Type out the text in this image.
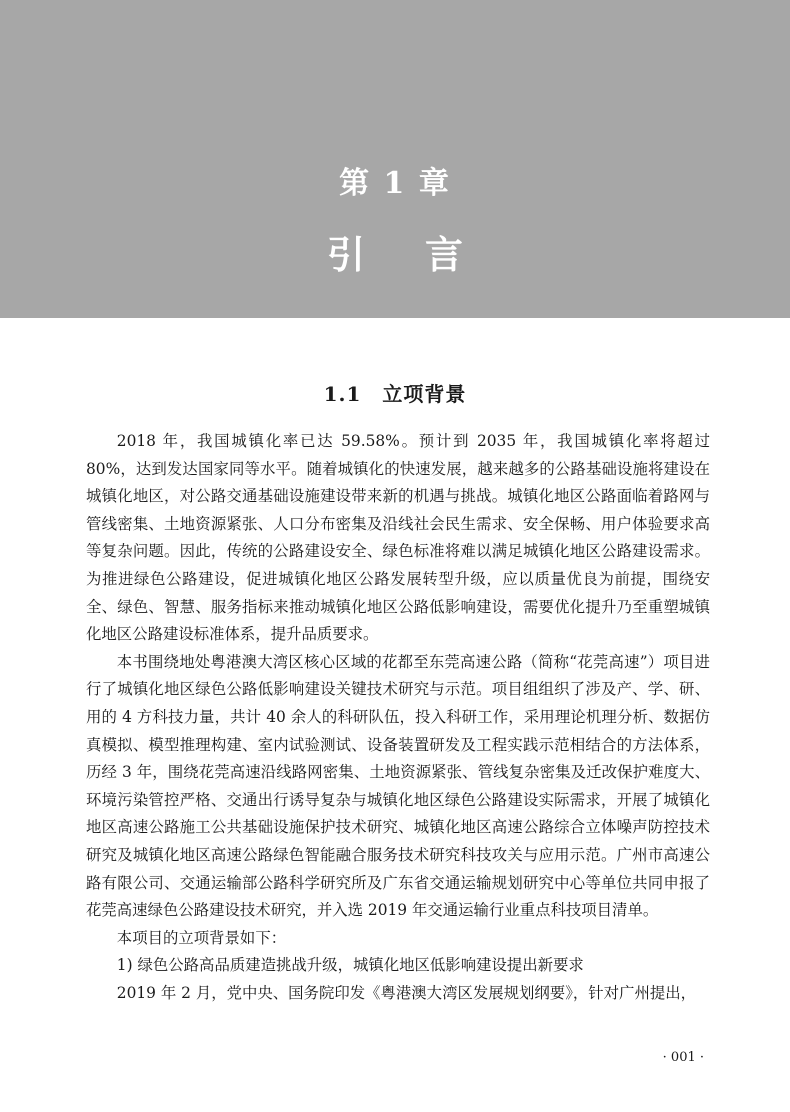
第 1 章
引言
1.1　立项背景

2018 年，我国城镇化率已达 59.58%。预计到 2035 年，我国城镇化率将超过 80%，达到发达国家同等水平。随着城镇化的快速发展，越来越多的公路基础设施将建设在城镇化地区，对公路交通基础设施建设带来新的机遇与挑战。城镇化地区公路面临着路网与管线密集、土地资源紧张、人口分布密集及沿线社会民生需求、安全保畅、用户体验要求高等复杂问题。因此，传统的公路建设安全、绿色标准将难以满足城镇化地区公路建设需求。为推进绿色公路建设，促进城镇化地区公路发展转型升级，应以质量优良为前提，围绕安全、绿色、智慧、服务指标来推动城镇化地区公路低影响建设，需要优化提升乃至重塑城镇化地区公路建设标准体系，提升品质要求。

本书围绕地处粤港澳大湾区核心区域的花都至东莞高速公路（简称“花莞高速”）项目进行了城镇化地区绿色公路低影响建设关键技术研究与示范。项目组组织了涉及产、学、研、用的 4 方科技力量，共计 40 余人的科研队伍，投入科研工作，采用理论机理分析、数据仿真模拟、模型推理构建、室内试验测试、设备装置研发及工程实践示范相结合的方法体系，历经 3 年，围绕花莞高速沿线路网密集、土地资源紧张、管线复杂密集及迁改保护难度大、环境污染管控严格、交通出行诱导复杂与城镇化地区绿色公路建设实际需求，开展了城镇化地区高速公路施工公共基础设施保护技术研究、城镇化地区高速公路综合立体噪声防控技术研究及城镇化地区高速公路绿色智能融合服务技术研究科技攻关与应用示范。广州市高速公路有限公司、交通运输部公路科学研究所及广东省交通运输规划研究中心等单位共同申报了花莞高速绿色公路建设技术研究，并入选 2019 年交通运输行业重点科技项目清单。

本项目的立项背景如下：

1) 绿色公路高品质建造挑战升级，城镇化地区低影响建设提出新要求

2019 年 2 月，党中央、国务院印发《粤港澳大湾区发展规划纲要》，针对广州提出，

· 001 ·
